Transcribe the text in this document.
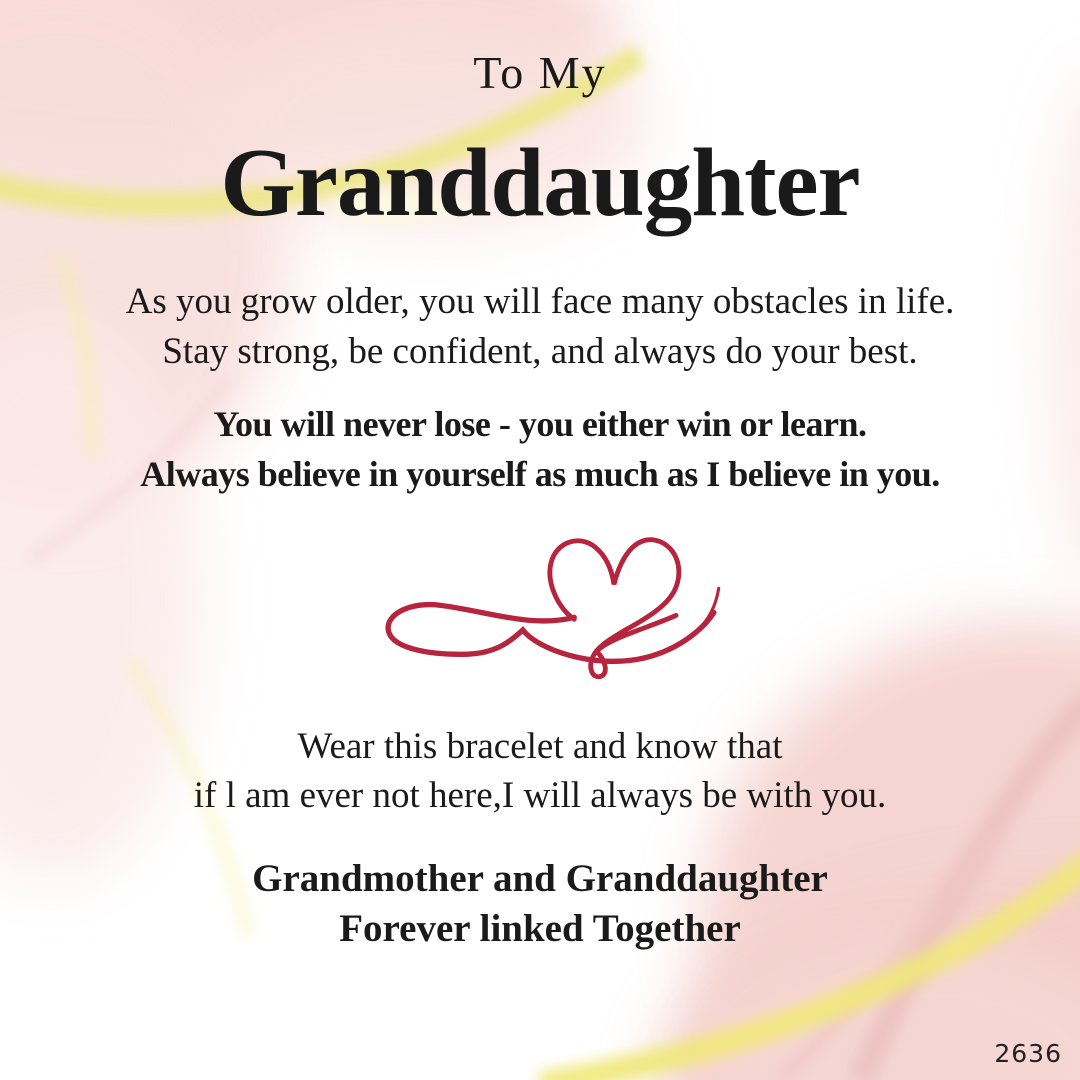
To My
Granddaughter
As you grow older, you will face many obstacles in life.
Stay strong, be confident, and always do your best.
You will never lose - you either win or learn.
Always believe in yourself as much as I believe in you.
Wear this bracelet and know that
if l am ever not here,I will always be with you.
Grandmother and Granddaughter
Forever linked Together
2636
